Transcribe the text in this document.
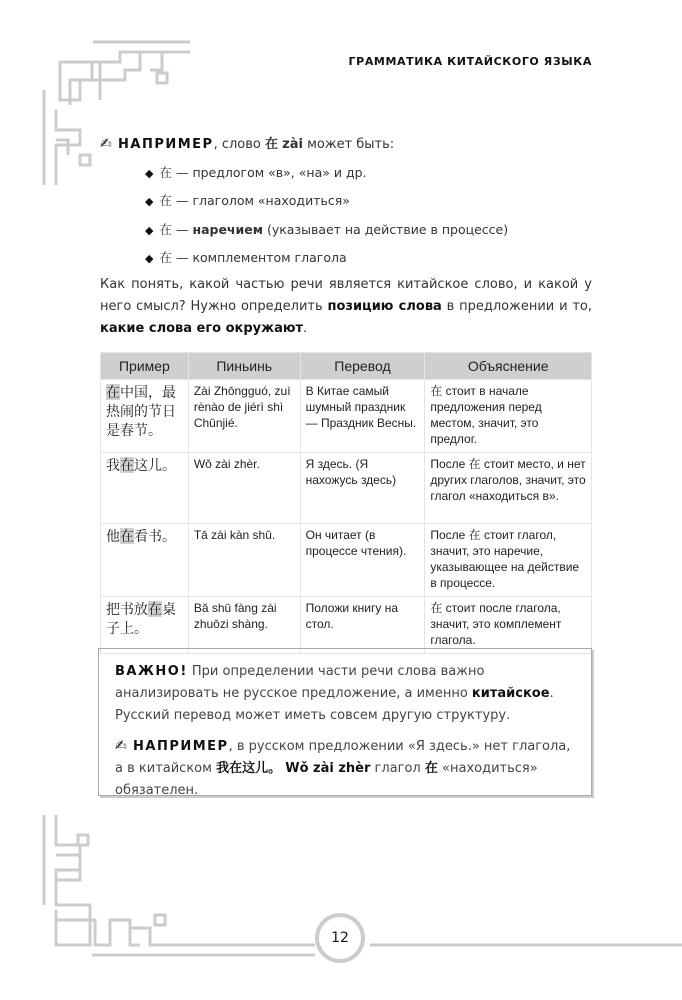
ГРАММАТИКА КИТАЙСКОГО ЯЗЫКА
✍ НАПРИМЕР, слово 在 zài может быть:
◆ 在 — предлогом «в», «на» и др.
◆ 在 — глаголом «находиться»
◆ 在 — наречием (указывает на действие в процессе)
◆ 在 — комплементом глагола
Как понять, какой частью речи является китайское слово, и какой у него смысл? Нужно определить позицию слова в предложении и то, какие слова его окружают.
Пример	Пиньинь	Перевод	Объяснение
在中国，最热闹的节日是春节。	Zài Zhōngguó, zuì rènào de jiérì shì Chūnjié.	В Китае самый шумный праздник — Праздник Весны.	在 стоит в начале предложения перед местом, значит, это предлог.
我在这儿。	Wǒ zài zhèr.	Я здесь. (Я нахожусь здесь)	После 在 стоит место, и нет других глаголов, значит, это глагол «находиться в».
他在看书。	Tā zài kàn shū.	Он читает (в процессе чтения).	После 在 стоит глагол, значит, это наречие, указывающее на действие в процессе.
把书放在桌子上。	Bǎ shū fàng zài zhuōzi shàng.	Положи книгу на стол.	在 стоит после глагола, значит, это комплемент глагола.

ВАЖНО! При определении части речи слова важно анализировать не русское предложение, а именно китайское. Русский перевод может иметь совсем другую структуру.

✍ НАПРИМЕР, в русском предложении «Я здесь.» нет глагола, а в китайском 我在这儿。 Wǒ zài zhèr глагол 在 «находиться» обязателен.

12
